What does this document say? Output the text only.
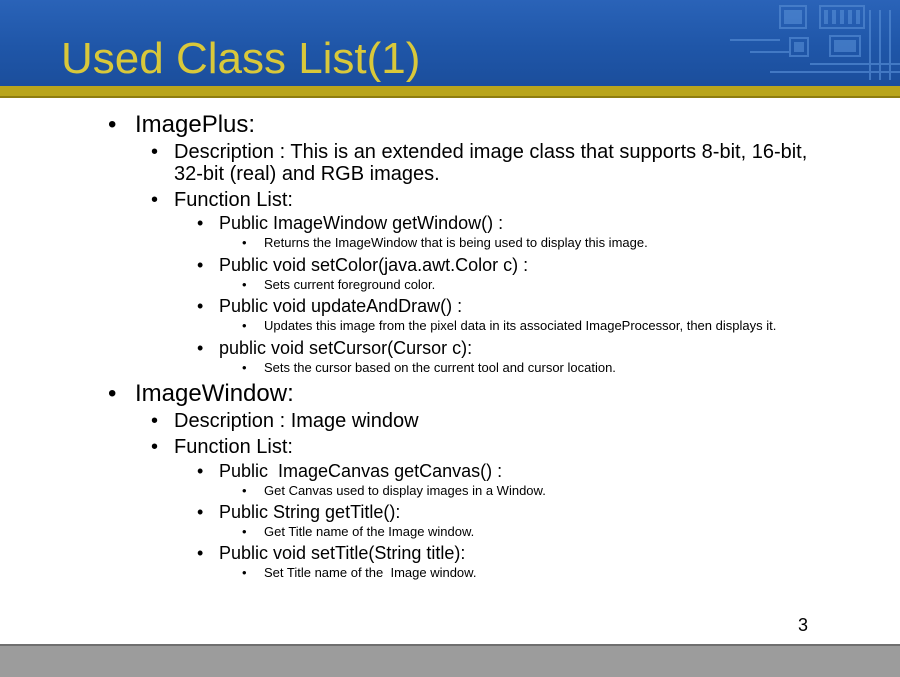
Used Class List(1)
• ImagePlus:
• Description : This is an extended image class that supports 8-bit, 16-bit,
32-bit (real) and RGB images.
• Function List:
• Public ImageWindow getWindow() :
• Returns the ImageWindow that is being used to display this image.
• Public void setColor(java.awt.Color c) :
• Sets current foreground color.
• Public void updateAndDraw() :
• Updates this image from the pixel data in its associated ImageProcessor, then displays it.
• public void setCursor(Cursor c):
• Sets the cursor based on the current tool and cursor location.
• ImageWindow:
• Description : Image window
• Function List:
• Public  ImageCanvas getCanvas() :
• Get Canvas used to display images in a Window.
• Public String getTitle():
• Get Title name of the Image window.
• Public void setTitle(String title):
• Set Title name of the  Image window.
3
